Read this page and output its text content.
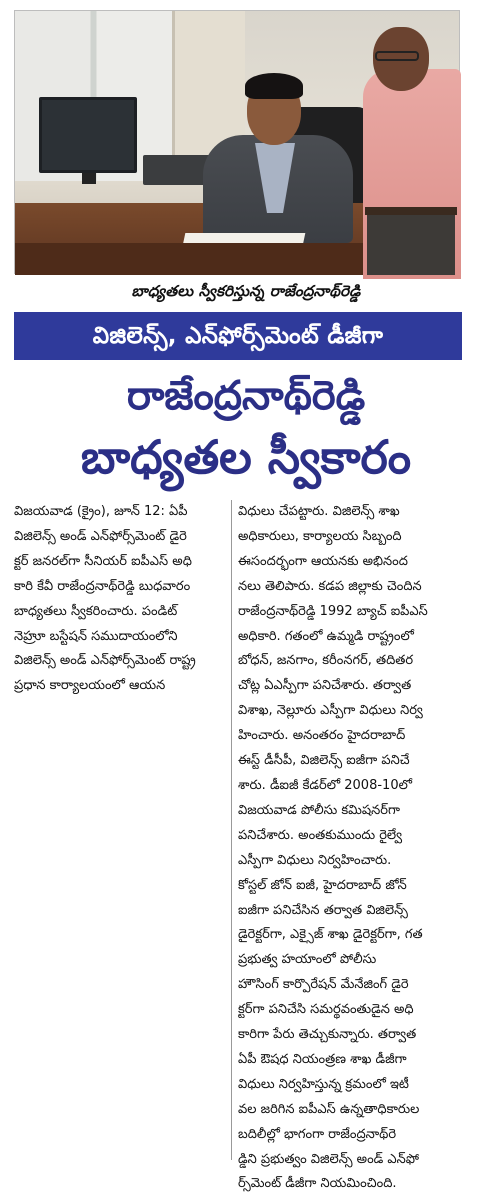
బాధ్యతలు స్వీకరిస్తున్న రాజేంద్రనాథ్‌రెడ్డి
విజిలెన్స్‌, ఎన్‌ఫోర్స్‌మెంట్‌ డీజీగా
రాజేంద్రనాథ్‌రెడ్డి
బాధ్యతల స్వీకారం
విజయవాడ (క్రైం), జూన్‌ 12: ఏపీ
విజిలెన్స్‌ అండ్‌ ఎన్‌ఫోర్స్‌మెంట్‌ డైరె
క్టర్‌ జనరల్‌గా సీనియర్‌ ఐపీఎస్‌ అధి
కారి కేవీ రాజేంద్రనాథ్‌రెడ్డి బుధవారం
బాధ్యతలు స్వీకరించారు. పండిట్‌
నెహ్రూ బస్టేషన్‌ సముదాయంలోని
విజిలెన్స్‌ అండ్‌ ఎన్‌ఫోర్స్‌మెంట్‌ రాష్ట్ర
ప్రధాన కార్యాలయంలో ఆయన
విధులు చేపట్టారు. విజిలెన్స్‌ శాఖ
అధికారులు, కార్యాలయ సిబ్బంది
ఈసందర్భంగా ఆయనకు అభినంద
నలు తెలిపారు. కడప జిల్లాకు చెందిన
రాజేంద్రనాథ్‌రెడ్డి 1992 బ్యాచ్‌ ఐపీఎస్‌
అధికారి. గతంలో ఉమ్మడి రాష్ట్రంలో
బోధన్‌, జనగాం, కరీంనగర్‌, తదితర
చోట్ల ఏఎస్పీగా పనిచేశారు. తర్వాత
విశాఖ, నెల్లూరు ఎస్పీగా విధులు నిర్వ
హించారు. అనంతరం హైదరాబాద్‌
ఈస్ట్‌ డీసీపీ, విజిలెన్స్‌ ఐజీగా పనిచే
శారు. డీఐజీ కేడర్‌లో 2008-10లో
విజయవాడ పోలీసు కమిషనర్‌గా
పనిచేశారు. అంతకుముందు రైల్వే
ఎస్పీగా విధులు నిర్వహించారు.
కోస్టల్‌ జోన్‌ ఐజీ, హైదరాబాద్‌ జోన్‌
ఐజీగా పనిచేసిన తర్వాత విజిలెన్స్‌
డైరెక్టర్‌గా, ఎక్సైజ్‌ శాఖ డైరెక్టర్‌గా, గత
ప్రభుత్వ హయాంలో పోలీసు
హౌసింగ్‌ కార్పొరేషన్‌ మేనేజింగ్‌ డైరె
క్టర్‌గా పనిచేసి సమర్థవంతుడైన అధి
కారిగా పేరు తెచ్చుకున్నారు. తర్వాత
ఏపీ ఔషధ నియంత్రణ శాఖ డీజీగా
విధులు నిర్వహిస్తున్న క్రమంలో ఇటీ
వల జరిగిన ఐపీఎస్‌ ఉన్నతాధికారుల
బదిలీల్లో భాగంగా రాజేంద్రనాథ్‌రె
డ్డిని ప్రభుత్వం విజిలెన్స్‌ అండ్‌ ఎన్‌ఫో
ర్స్‌మెంట్‌ డీజీగా నియమించింది.
